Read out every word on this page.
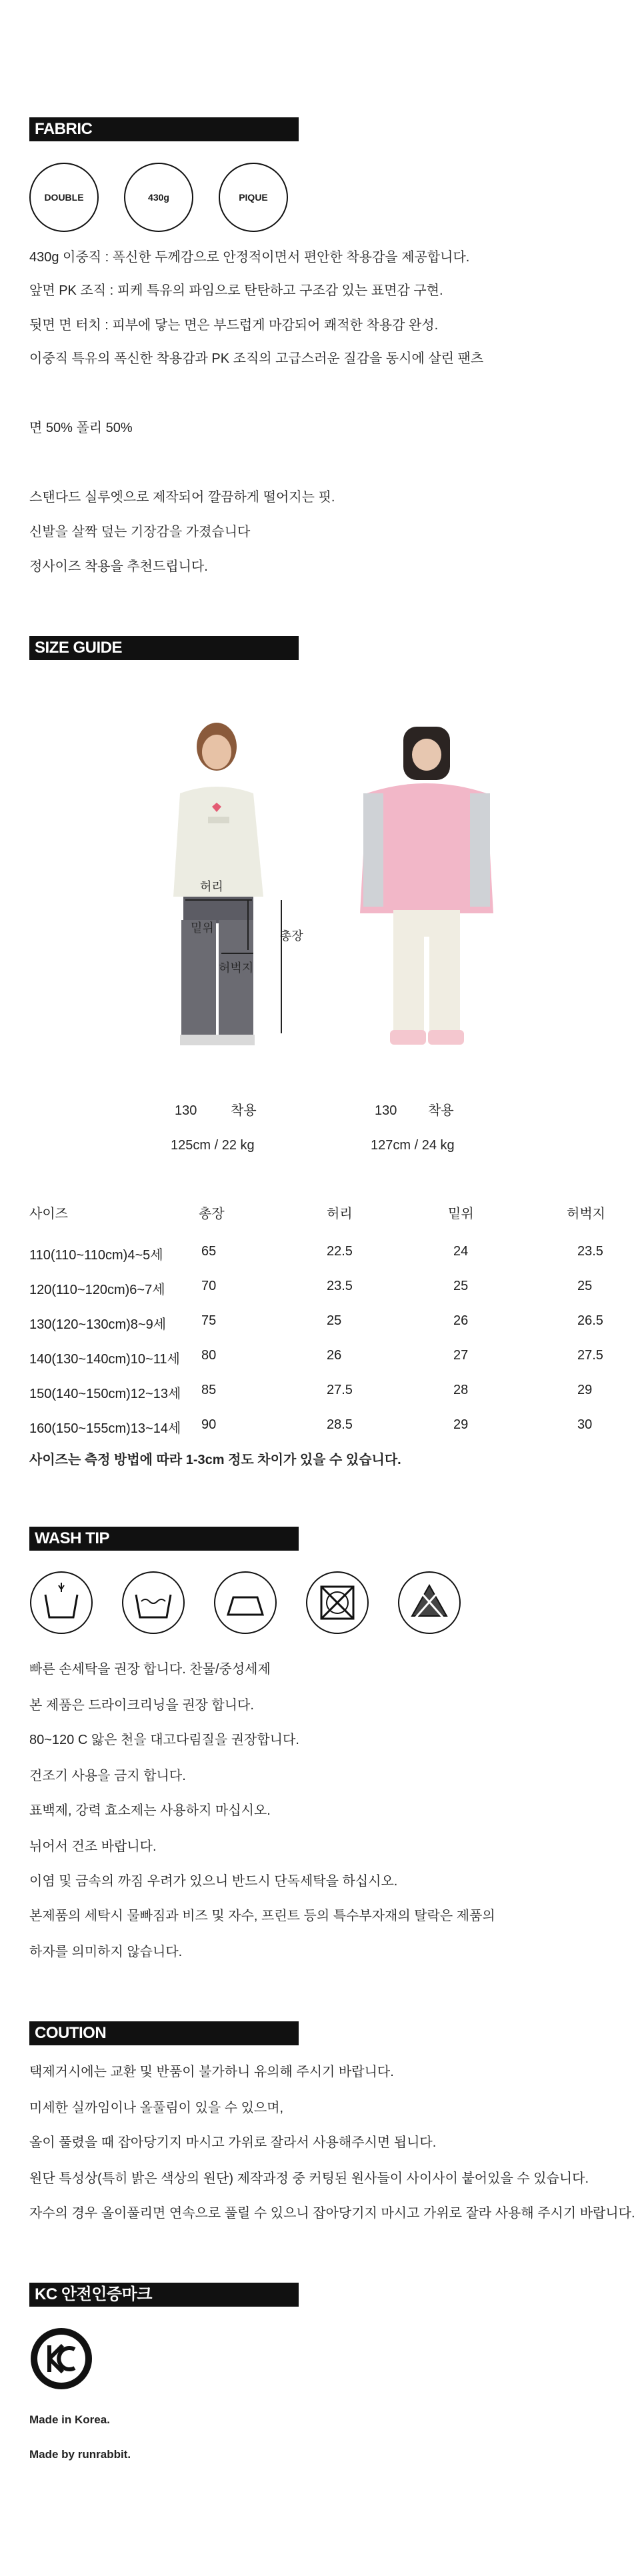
FABRIC
DOUBLE	430g	PIQUE
430g 이중직 : 폭신한 두께감으로 안정적이면서 편안한 착용감을 제공합니다.
앞면 PK 조직 : 피케 특유의 파임으로 탄탄하고 구조감 있는 표면감 구현.
뒷면 면 터치 : 피부에 닿는 면은 부드럽게 마감되어 쾌적한 착용감 완성.
이중직 특유의 폭신한 착용감과 PK 조직의 고급스러운 질감을 동시에 살린 팬츠
면 50% 폴리 50%
스탠다드 실루엣으로 제작되어 깔끔하게 떨어지는 핏.
신발을 살짝 덮는 기장감을 가졌습니다
정사이즈 착용을 추천드립니다.
SIZE GUIDE
허리
밑위
허벅지
총장
130	착용
125cm / 22 kg
130 착용
127cm / 24 kg
사이즈	총장	허리	밑위	허벅지
110(110~110cm)4~5세	65	22.5	24	23.5
120(110~120cm)6~7세	70	23.5	25	25
130(120~130cm)8~9세	75	25	26	26.5
140(130~140cm)10~11세 80	26	27	27.5
150(140~150cm)12~13세 85	27.5	28	29
160(150~155cm)13~14세 90	28.5	29	30
사이즈는 측정 방법에 따라 1-3cm 정도 차이가 있을 수 있습니다.
WASH TIP
빠른 손세탁을 권장 합니다. 찬물/중성세제
본 제품은 드라이크리닝을 권장 합니다.
80~120 C 앓은 천을 대고다림질을 권장합니다.
건조기 사용을 금지 합니다.
표백제, 강력 효소제는 사용하지 마십시오.
뉘어서 건조 바랍니다.
이염 및 금속의 까짐 우려가 있으니 반드시 단독세탁을 하십시오.
본제품의 세탁시 물빠짐과 비즈 및 자수, 프린트 등의 특수부자재의 탈락은 제품의
하자를 의미하지 않습니다.
COUTION
택제거시에는 교환 및 반품이 불가하니 유의해 주시기 바랍니다.
미세한 실까임이나 올풀림이 있을 수 있으며,
올이 풀렸을 때 잡아당기지 마시고 가위로 잘라서 사용해주시면 됩니다.
원단 특성상(특히 밝은 색상의 원단) 제작과정 중 커팅된 원사들이 사이사이 붙어있을 수 있습니다.
자수의 경우 올이풀리면 연속으로 풀릴 수 있으니 잡아당기지 마시고 가위로 잘라 사용해 주시기 바랍니다.
KC 안전인증마크
Made in Korea.
Made by runrabbit.
